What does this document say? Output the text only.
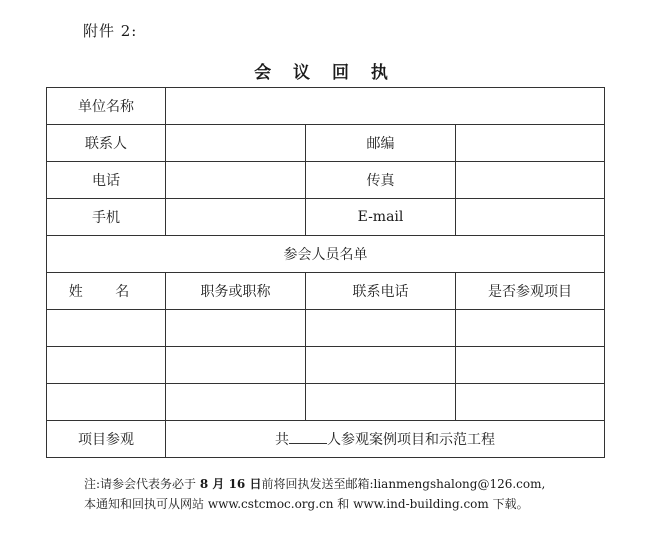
附件 2:
会 议 回 执
单位名称			
联系人		邮编	
电话		传真	
手机		E-mail	
参会人员名单			
姓 名	职务或职称	联系电话	是否参观项目

项目参观	共 人参观案例项目和示范工程		
注:请参会代表务必于 8 月 16 日前将回执发送至邮箱:lianmengshalong@126.com,
本通知和回执可从网站 www.cstcmoc.org.cn 和 www.ind-building.com 下载。
